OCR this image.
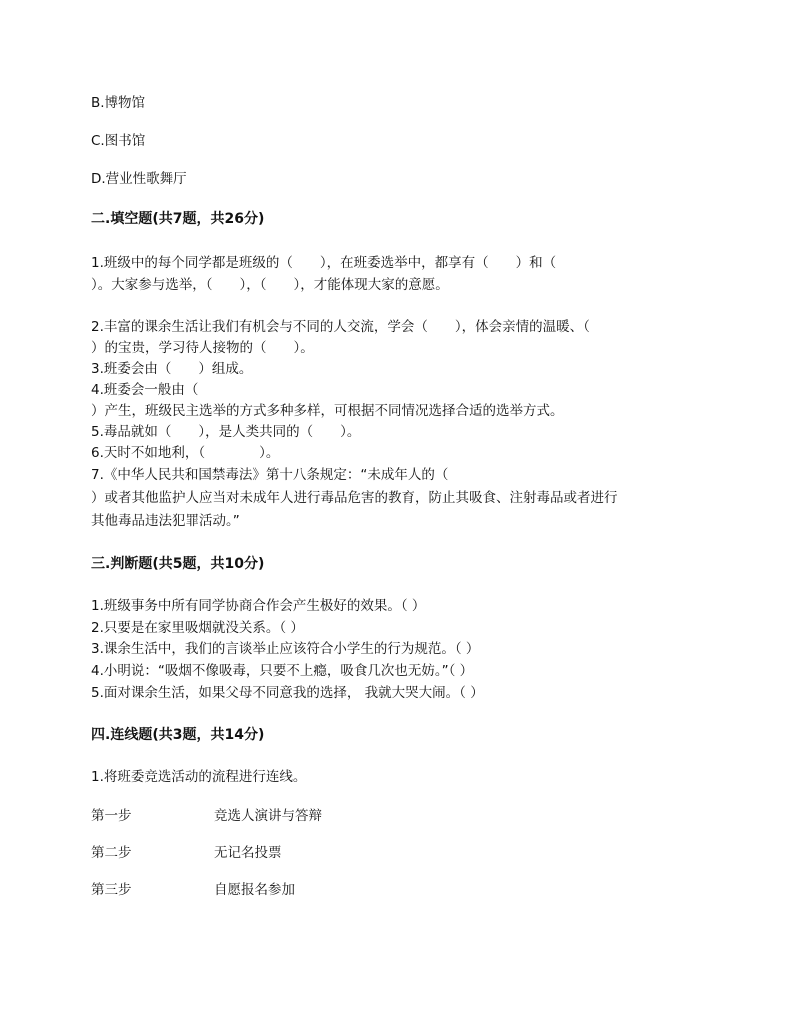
B.博物馆
C.图书馆
D.营业性歌舞厅
二.填空题(共7题，共26分)
1.班级中的每个同学都是班级的（　　），在班委选举中，都享有（　　）和（
）。大家参与选举，（　　），（　　），才能体现大家的意愿。
2.丰富的课余生活让我们有机会与不同的人交流，学会（　　），体会亲情的温暖、（
）的宝贵，学习待人接物的（　　）。
3.班委会由（　　）组成。
4.班委会一般由（
）产生，班级民主选举的方式多种多样，可根据不同情况选择合适的选举方式。
5.毒品就如（　　），是人类共同的（　　）。
6.天时不如地利，（　　　　）。
7.《中华人民共和国禁毒法》第十八条规定：“未成年人的（
）或者其他监护人应当对未成年人进行毒品危害的教育，防止其吸食、注射毒品或者进行
其他毒品违法犯罪活动。”
三.判断题(共5题，共10分)
1.班级事务中所有同学协商合作会产生极好的效果。（ ）
2.只要是在家里吸烟就没关系。（ ）
3.课余生活中，我们的言谈举止应该符合小学生的行为规范。（ ）
4.小明说：“吸烟不像吸毒，只要不上瘾，吸食几次也无妨。”（ ）
5.面对课余生活，如果父母不同意我的选择， 我就大哭大闹。（ ）
四.连线题(共3题，共14分)
1.将班委竞选活动的流程进行连线。
第一步	竞选人演讲与答辩
第二步	无记名投票
第三步	自愿报名参加
